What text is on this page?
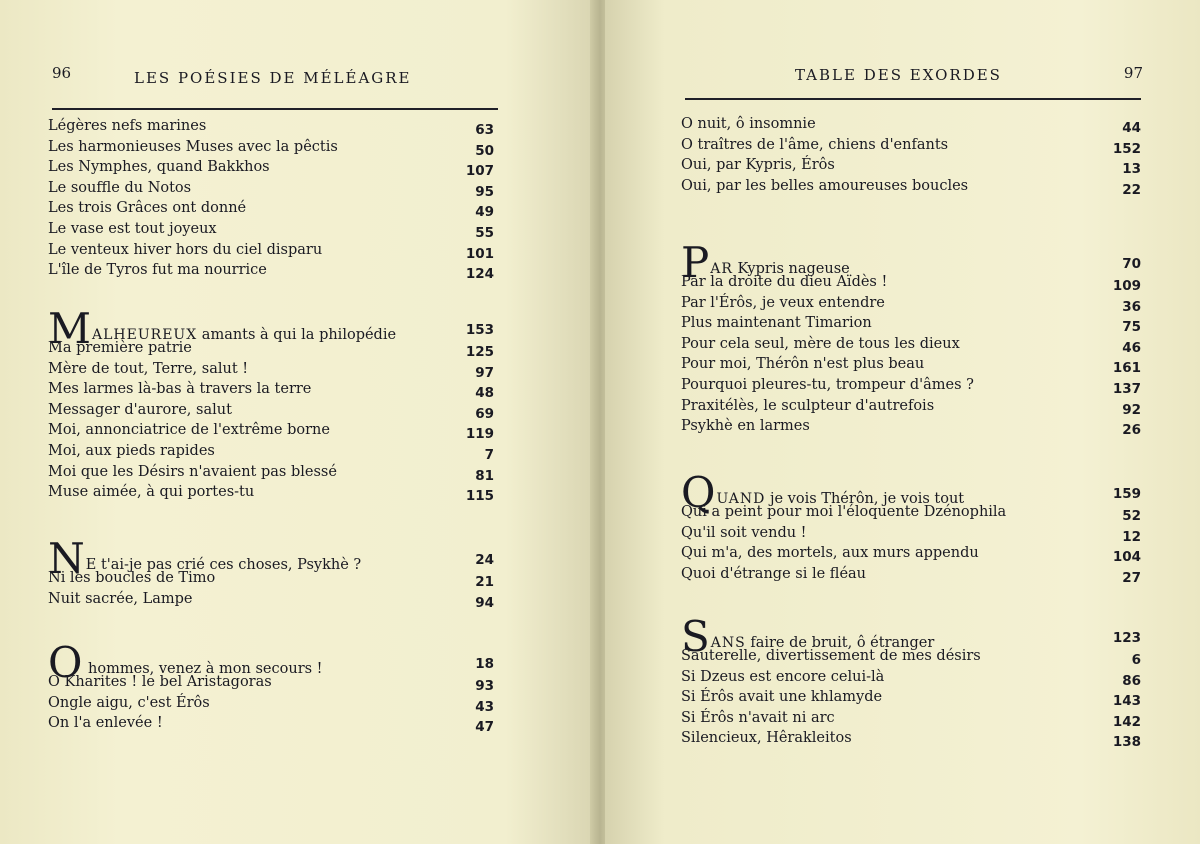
96	LES POÉSIES DE MÉLÉAGRE
Légères nefs marines	63
Les harmonieuses Muses avec la pêctis	50
Les Nymphes, quand Bakkhos	107
Le souffle du Notos	95
Les trois Grâces ont donné	49
Le vase est tout joyeux	55
Le venteux hiver hors du ciel disparu	101
L'île de Tyros fut ma nourrice	124
MALHEUREUX amants à qui la philopédie	153
Ma première patrie	125
Mère de tout, Terre, salut !	97
Mes larmes là-bas à travers la terre	48
Messager d'aurore, salut	69
Moi, annonciatrice de l'extrême borne	119
Moi, aux pieds rapides	7
Moi que les Désirs n'avaient pas blessé	81
Muse aimée, à qui portes-tu	115
NE t'ai-je pas crié ces choses, Psykhè ?	24
Ni les boucles de Timo	21
Nuit sacrée, Lampe	94
O hommes, venez à mon secours !	18
O Kharites ! le bel Aristagoras	93
Ongle aigu, c'est Érôs	43
On l'a enlevée !	47
TABLE DES EXORDES	97
O nuit, ô insomnie	44
O traîtres de l'âme, chiens d'enfants	152
Oui, par Kypris, Érôs	13
Oui, par les belles amoureuses boucles	22
PAR Kypris nageuse	70
Par la droite du dieu Aïdès !	109
Par l'Érôs, je veux entendre	36
Plus maintenant Timarion	75
Pour cela seul, mère de tous les dieux	46
Pour moi, Thérôn n'est plus beau	161
Pourquoi pleures-tu, trompeur d'âmes ?	137
Praxitélès, le sculpteur d'autrefois	92
Psykhè en larmes	26
QUAND je vois Thérôn, je vois tout	159
Qui a peint pour moi l'éloquente Dzénophila	52
Qu'il soit vendu !	12
Qui m'a, des mortels, aux murs appendu	104
Quoi d'étrange si le fléau	27
SANS faire de bruit, ô étranger	123
Sauterelle, divertissement de mes désirs	6
Si Dzeus est encore celui-là	86
Si Érôs avait une khlamyde	143
Si Érôs n'avait ni arc	142
Silencieux, Hêrakleitos	138
